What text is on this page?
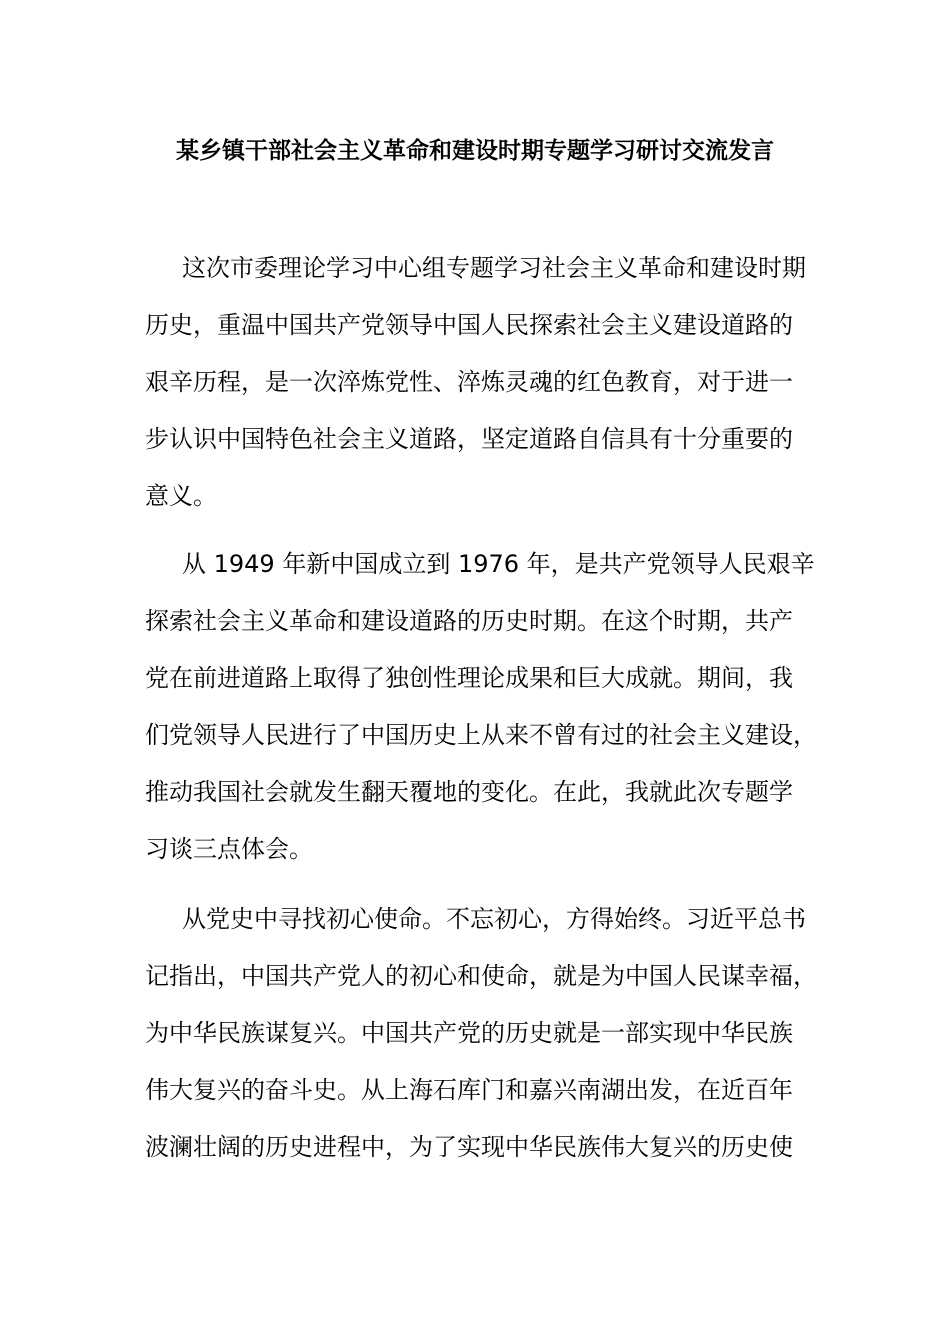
某乡镇干部社会主义革命和建设时期专题学习研讨交流发言
这次市委理论学习中心组专题学习社会主义革命和建设时期
历史，重温中国共产党领导中国人民探索社会主义建设道路的
艰辛历程，是一次淬炼党性、淬炼灵魂的红色教育，对于进一
步认识中国特色社会主义道路，坚定道路自信具有十分重要的
意义。
从 1949 年新中国成立到 1976 年，是共产党领导人民艰辛
探索社会主义革命和建设道路的历史时期。在这个时期，共产
党在前进道路上取得了独创性理论成果和巨大成就。期间，我
们党领导人民进行了中国历史上从来不曾有过的社会主义建设，
推动我国社会就发生翻天覆地的变化。在此，我就此次专题学
习谈三点体会。
从党史中寻找初心使命。不忘初心，方得始终。习近平总书
记指出，中国共产党人的初心和使命，就是为中国人民谋幸福，
为中华民族谋复兴。中国共产党的历史就是一部实现中华民族
伟大复兴的奋斗史。从上海石库门和嘉兴南湖出发，在近百年
波澜壮阔的历史进程中，为了实现中华民族伟大复兴的历史使
